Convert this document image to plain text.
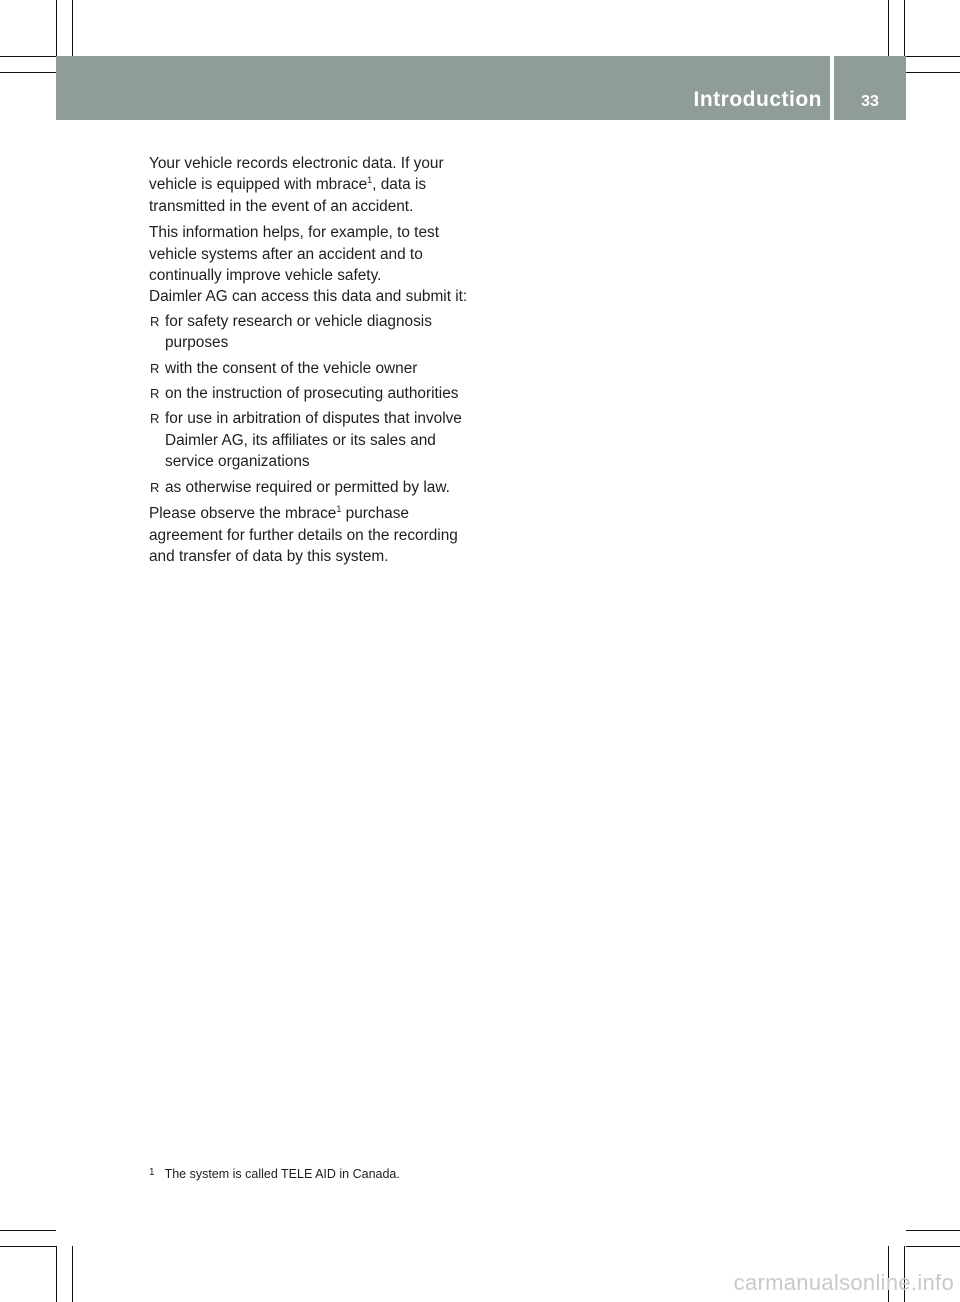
Introduction	33

Your vehicle records electronic data. If your vehicle is equipped with mbrace$^1$, data is transmitted in the event of an accident.

This information helps, for example, to test vehicle systems after an accident and to continually improve vehicle safety.

Daimler AG can access this data and submit it:

R for safety research or vehicle diagnosis purposes
R with the consent of the vehicle owner
R on the instruction of prosecuting authorities
R for use in arbitration of disputes that involve Daimler AG, its affiliates or its sales and service organizations
R as otherwise required or permitted by law.

Please observe the mbrace$^1$ purchase agreement for further details on the recording and transfer of data by this system.

$^1$ The system is called TELE AID in Canada.
carmanualsonline.info
